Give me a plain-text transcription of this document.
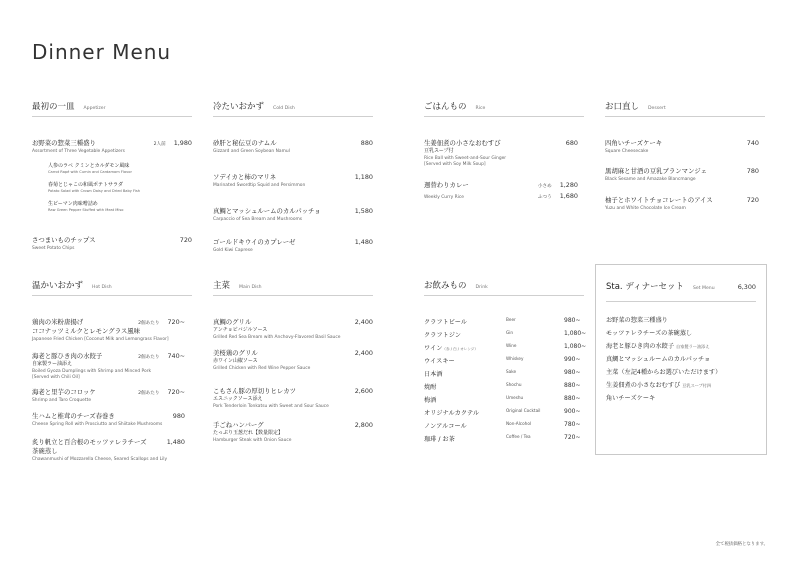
Dinner Menu
最初の一皿 Appetizer
お野菜の惣菜三種盛り	2人前 1,980
Assortment of Three Vegetable Appetizers
人参のラペ クミンとカルダモン風味
Carrot Rapé with Cumin and Cardamom Flavor
春菊とじゃこの和風ポテトサラダ
Potato Salad with Crown Daisy and Dried Baby Fish
生ピーマン肉味噌詰め
Raw Green Pepper Stuffed with Meat Miso
さつまいものチップス	720
Sweet Potato Chips
冷たいおかず Cold Dish
砂肝と秘伝豆のナムル	880
Gizzard and Green Soybean Namul
ソデイカと柿のマリネ	1,180
Marinated Swordtip Squid and Persimmon
真鯛とマッシュルームのカルパッチョ	1,580
Carpaccio of Sea Bream and Mushrooms
ゴールドキウイのカプレーゼ	1,480
Gold Kiwi Caprese
ごはんもの Rice
生姜佃煮の小さなおむすび	680
豆乳スープ付
Rice Ball with Sweet-and-Sour Ginger
[Served with Soy Milk Soup]
週替わりカレー	小さめ 1,280
Weekly Curry Rice	ふつう 1,680
お口直し Dessert
四角いチーズケーキ	740
Square Cheesecake
黒胡麻と甘酒の豆乳ブランマンジェ	780
Black Sesame and Amazake Blancmange
柚子とホワイトチョコレートのアイス	720
Yuzu and White Chocolate Ice Cream
温かいおかず Hot Dish
鶏肉の米粉唐揚げ	2個あたり 720~
ココナッツミルクとレモングラス風味
Japanese Fried Chicken [Coconut Milk and Lemongrass Flavor]
海老と豚ひき肉の水餃子	2個あたり 740~
自家製ラー油添え
Boiled Gyoza Dumplings with Shrimp and Minced Pork
[Served with Chili Oil]
海老と里芋のコロッケ	2個あたり 720~
Shrimp and Taro Croquette
生ハムと椎茸のチーズ春巻き	980
Cheese Spring Roll with Prosciutto and Shiitake Mushrooms
炙り帆立と百合根のモッツァレラチーズ	1,480
茶碗蒸し
Chawanmushi of Mozzarella Cheese, Seared Scallops and Lily
主菜 Main Dish
真鯛のグリル	2,400
アンチョビバジルソース
Grilled Red Sea Bream with Anchovy-Flavored Basil Sauce
美桜鶏のグリル	2,400
赤ワイン山椒ソース
Grilled Chicken with Red Wine Pepper Sauce
こもさん豚の厚切りヒレカツ	2,600
エスニックソース添え
Pork Tenderloin Tonkatsu with Sweet and Sour Sauce
手ごねハンバーグ	2,800
たっぷり玉葱だれ【数量限定】
Hamburger Steak with Onion Sauce
お飲みもの Drink
クラフトビール	Beer	980~
クラフトジン	Gin	1,080~
ワイン （赤 / 白 / オレンジ）
Wine	1,080~
ウイスキー	Whiskey	990~
日本酒	Sake	980~
焼酎	Shochu	880~
梅酒	Umeshu	880~
オリジナルカクテル	Original Cocktail	900~
ノンアルコール	Non-Alcohol	780~
珈琲 / お茶	Coffee / Tea	720~
Sta. ディナーセット Set Menu	6,300
お野菜の惣菜三種盛り
モッツァレラチーズの茶碗蒸し
海老と豚ひき肉の水餃子 自家製ラー油添え
真鯛とマッシュルームのカルパッチョ
主菜（左記4種からお選びいただけます）
生姜佃煮の小さなおむすび 豆乳スープ付四
角いチーズケーキ
全て税抜価格となります。
